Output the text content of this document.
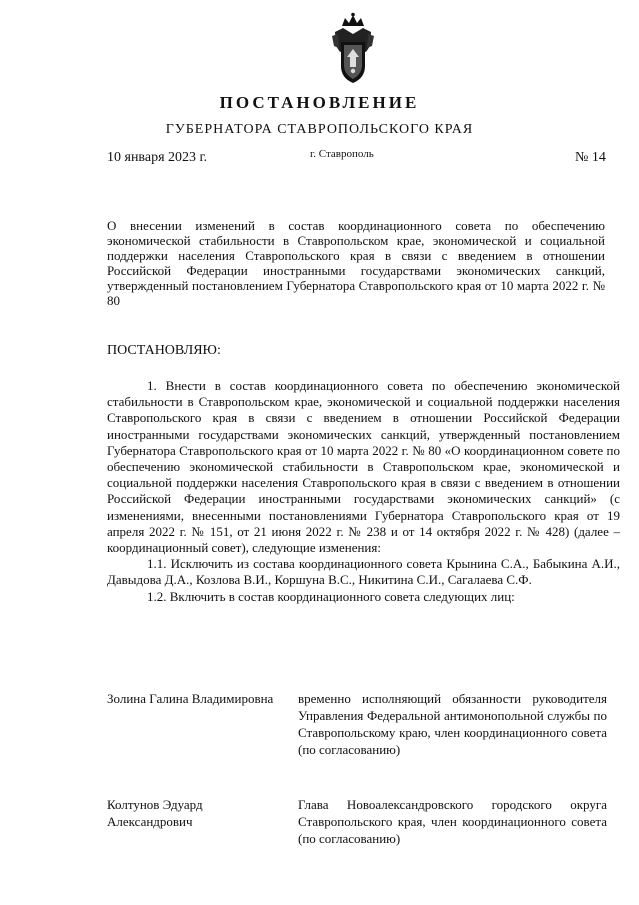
ПОСТАНОВЛЕНИЕ
ГУБЕРНАТОРА СТАВРОПОЛЬСКОГО КРАЯ
10 января 2023 г.	г. Ставрополь	№ 14
О внесении изменений в состав координационного совета по обеспечению экономической стабильности в Ставропольском крае, экономической и социальной поддержки населения Ставропольского края в связи с введением в отношении Российской Федерации иностранными государствами экономических санкций, утвержденный постановлением Губернатора Ставропольского края от 10 марта 2022 г. № 80
ПОСТАНОВЛЯЮ:

1. Внести в состав координационного совета по обеспечению экономической стабильности в Ставропольском крае, экономической и социальной поддержки населения Ставропольского края в связи с введением в отношении Российской Федерации иностранными государствами экономических санкций, утвержденный постановлением Губернатора Ставропольского края от 10 марта 2022 г. № 80 «О координационном совете по обеспечению экономической стабильности в Ставропольском крае, экономической и социальной поддержки населения Ставропольского края в связи с введением в отношении Российской Федерации иностранными государствами экономических санкций» (с изменениями, внесенными постановлениями Губернатора Ставропольского края от 19 апреля 2022 г. № 151, от 21 июня 2022 г. № 238 и от 14 октября 2022 г. № 428) (далее – координационный совет), следующие изменения:

1.1. Исключить из состава координационного совета Крынина С.А., Бабыкина А.И., Давыдова Д.А., Козлова В.И., Коршуна В.С., Никитина С.И., Сагалаева С.Ф.

1.2. Включить в состав координационного совета следующих лиц:

Золина Галина Владимировна временно исполняющий обязанности руководителя Управления Федеральной антимонопольной службы по Ставропольскому краю, член координационного совета (по согласованию)
Колтунов Эдуард Александрович
Глава Новоалександровского городского округа Ставропольского края, член координационного совета (по согласованию)
